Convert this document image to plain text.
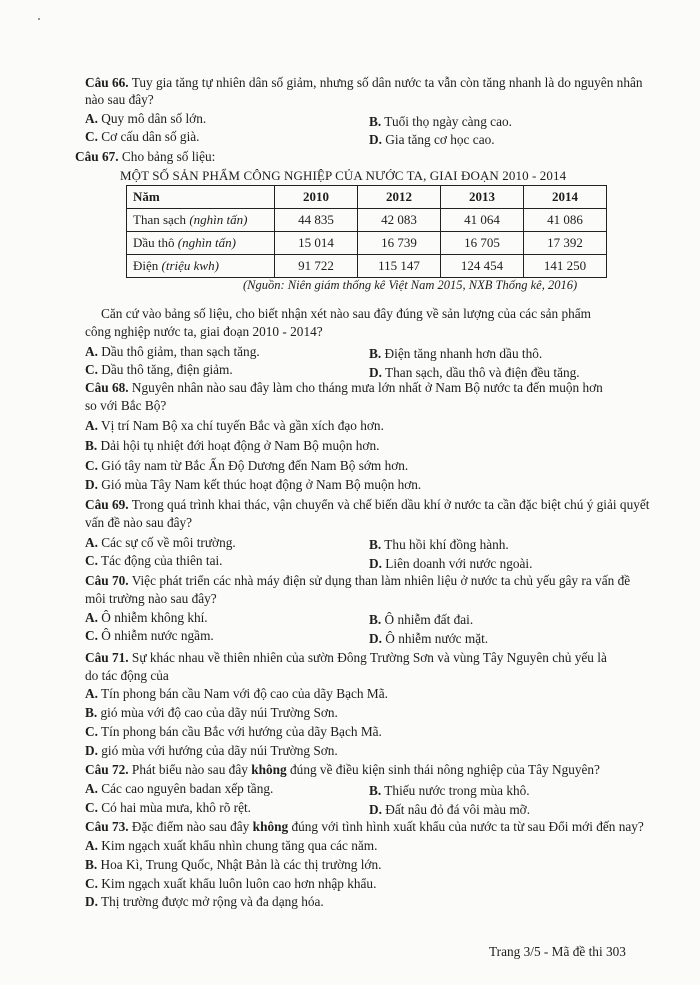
Câu 66. Tuy gia tăng tự nhiên dân số giảm, nhưng số dân nước ta vẫn còn tăng nhanh là do nguyên nhân
nào sau đây?
A. Quy mô dân số lớn.	B. Tuổi thọ ngày càng cao.
C. Cơ cấu dân số già.	D. Gia tăng cơ học cao.
Câu 67. Cho bảng số liệu:
MỘT SỐ SẢN PHẨM CÔNG NGHIỆP CỦA NƯỚC TA, GIAI ĐOẠN 2010 - 2014
Năm	2010	2012	2013	2014
Than sạch (nghìn tấn)	44 835	42 083	41 064	41 086
Dầu thô (nghìn tấn)	15 014	16 739	16 705	17 392
Điện (triệu kwh)	91 722	115 147	124 454	141 250
(Nguồn: Niên giám thống kê Việt Nam 2015, NXB Thống kê, 2016)
Căn cứ vào bảng số liệu, cho biết nhận xét nào sau đây đúng về sản lượng của các sản phẩm
công nghiệp nước ta, giai đoạn 2010 - 2014?
A. Dầu thô giảm, than sạch tăng.	B. Điện tăng nhanh hơn dầu thô.
C. Dầu thô tăng, điện giảm.	D. Than sạch, dầu thô và điện đều tăng.
Câu 68. Nguyên nhân nào sau đây làm cho tháng mưa lớn nhất ở Nam Bộ nước ta đến muộn hơn
so với Bắc Bộ?
A. Vị trí Nam Bộ xa chí tuyến Bắc và gần xích đạo hơn.
B. Dải hội tụ nhiệt đới hoạt động ở Nam Bộ muộn hơn.
C. Gió tây nam từ Bắc Ấn Độ Dương đến Nam Bộ sớm hơn.
D. Gió mùa Tây Nam kết thúc hoạt động ở Nam Bộ muộn hơn.
Câu 69. Trong quá trình khai thác, vận chuyển và chế biến dầu khí ở nước ta cần đặc biệt chú ý giải quyết
vấn đề nào sau đây?
A. Các sự cố về môi trường.	B. Thu hồi khí đồng hành.
C. Tác động của thiên tai.	D. Liên doanh với nước ngoài.
Câu 70. Việc phát triển các nhà máy điện sử dụng than làm nhiên liệu ở nước ta chủ yếu gây ra vấn đề
môi trường nào sau đây?
A. Ô nhiễm không khí.	B. Ô nhiễm đất đai.
C. Ô nhiễm nước ngầm.	D. Ô nhiễm nước mặt.
Câu 71. Sự khác nhau về thiên nhiên của sườn Đông Trường Sơn và vùng Tây Nguyên chủ yếu là
do tác động của
A. Tín phong bán cầu Nam với độ cao của dãy Bạch Mã.
B. gió mùa với độ cao của dãy núi Trường Sơn.
C. Tín phong bán cầu Bắc với hướng của dãy Bạch Mã.
D. gió mùa với hướng của dãy núi Trường Sơn.
Câu 72. Phát biểu nào sau đây không đúng về điều kiện sinh thái nông nghiệp của Tây Nguyên?
A. Các cao nguyên badan xếp tầng.	B. Thiếu nước trong mùa khô.
C. Có hai mùa mưa, khô rõ rệt.	D. Đất nâu đỏ đá vôi màu mỡ.
Câu 73. Đặc điểm nào sau đây không đúng với tình hình xuất khẩu của nước ta từ sau Đổi mới đến nay?
A. Kim ngạch xuất khẩu nhìn chung tăng qua các năm.
B. Hoa Kì, Trung Quốc, Nhật Bản là các thị trường lớn.
C. Kim ngạch xuất khẩu luôn luôn cao hơn nhập khẩu.
D. Thị trường được mở rộng và đa dạng hóa.
Trang 3/5 - Mã đề thi 303
